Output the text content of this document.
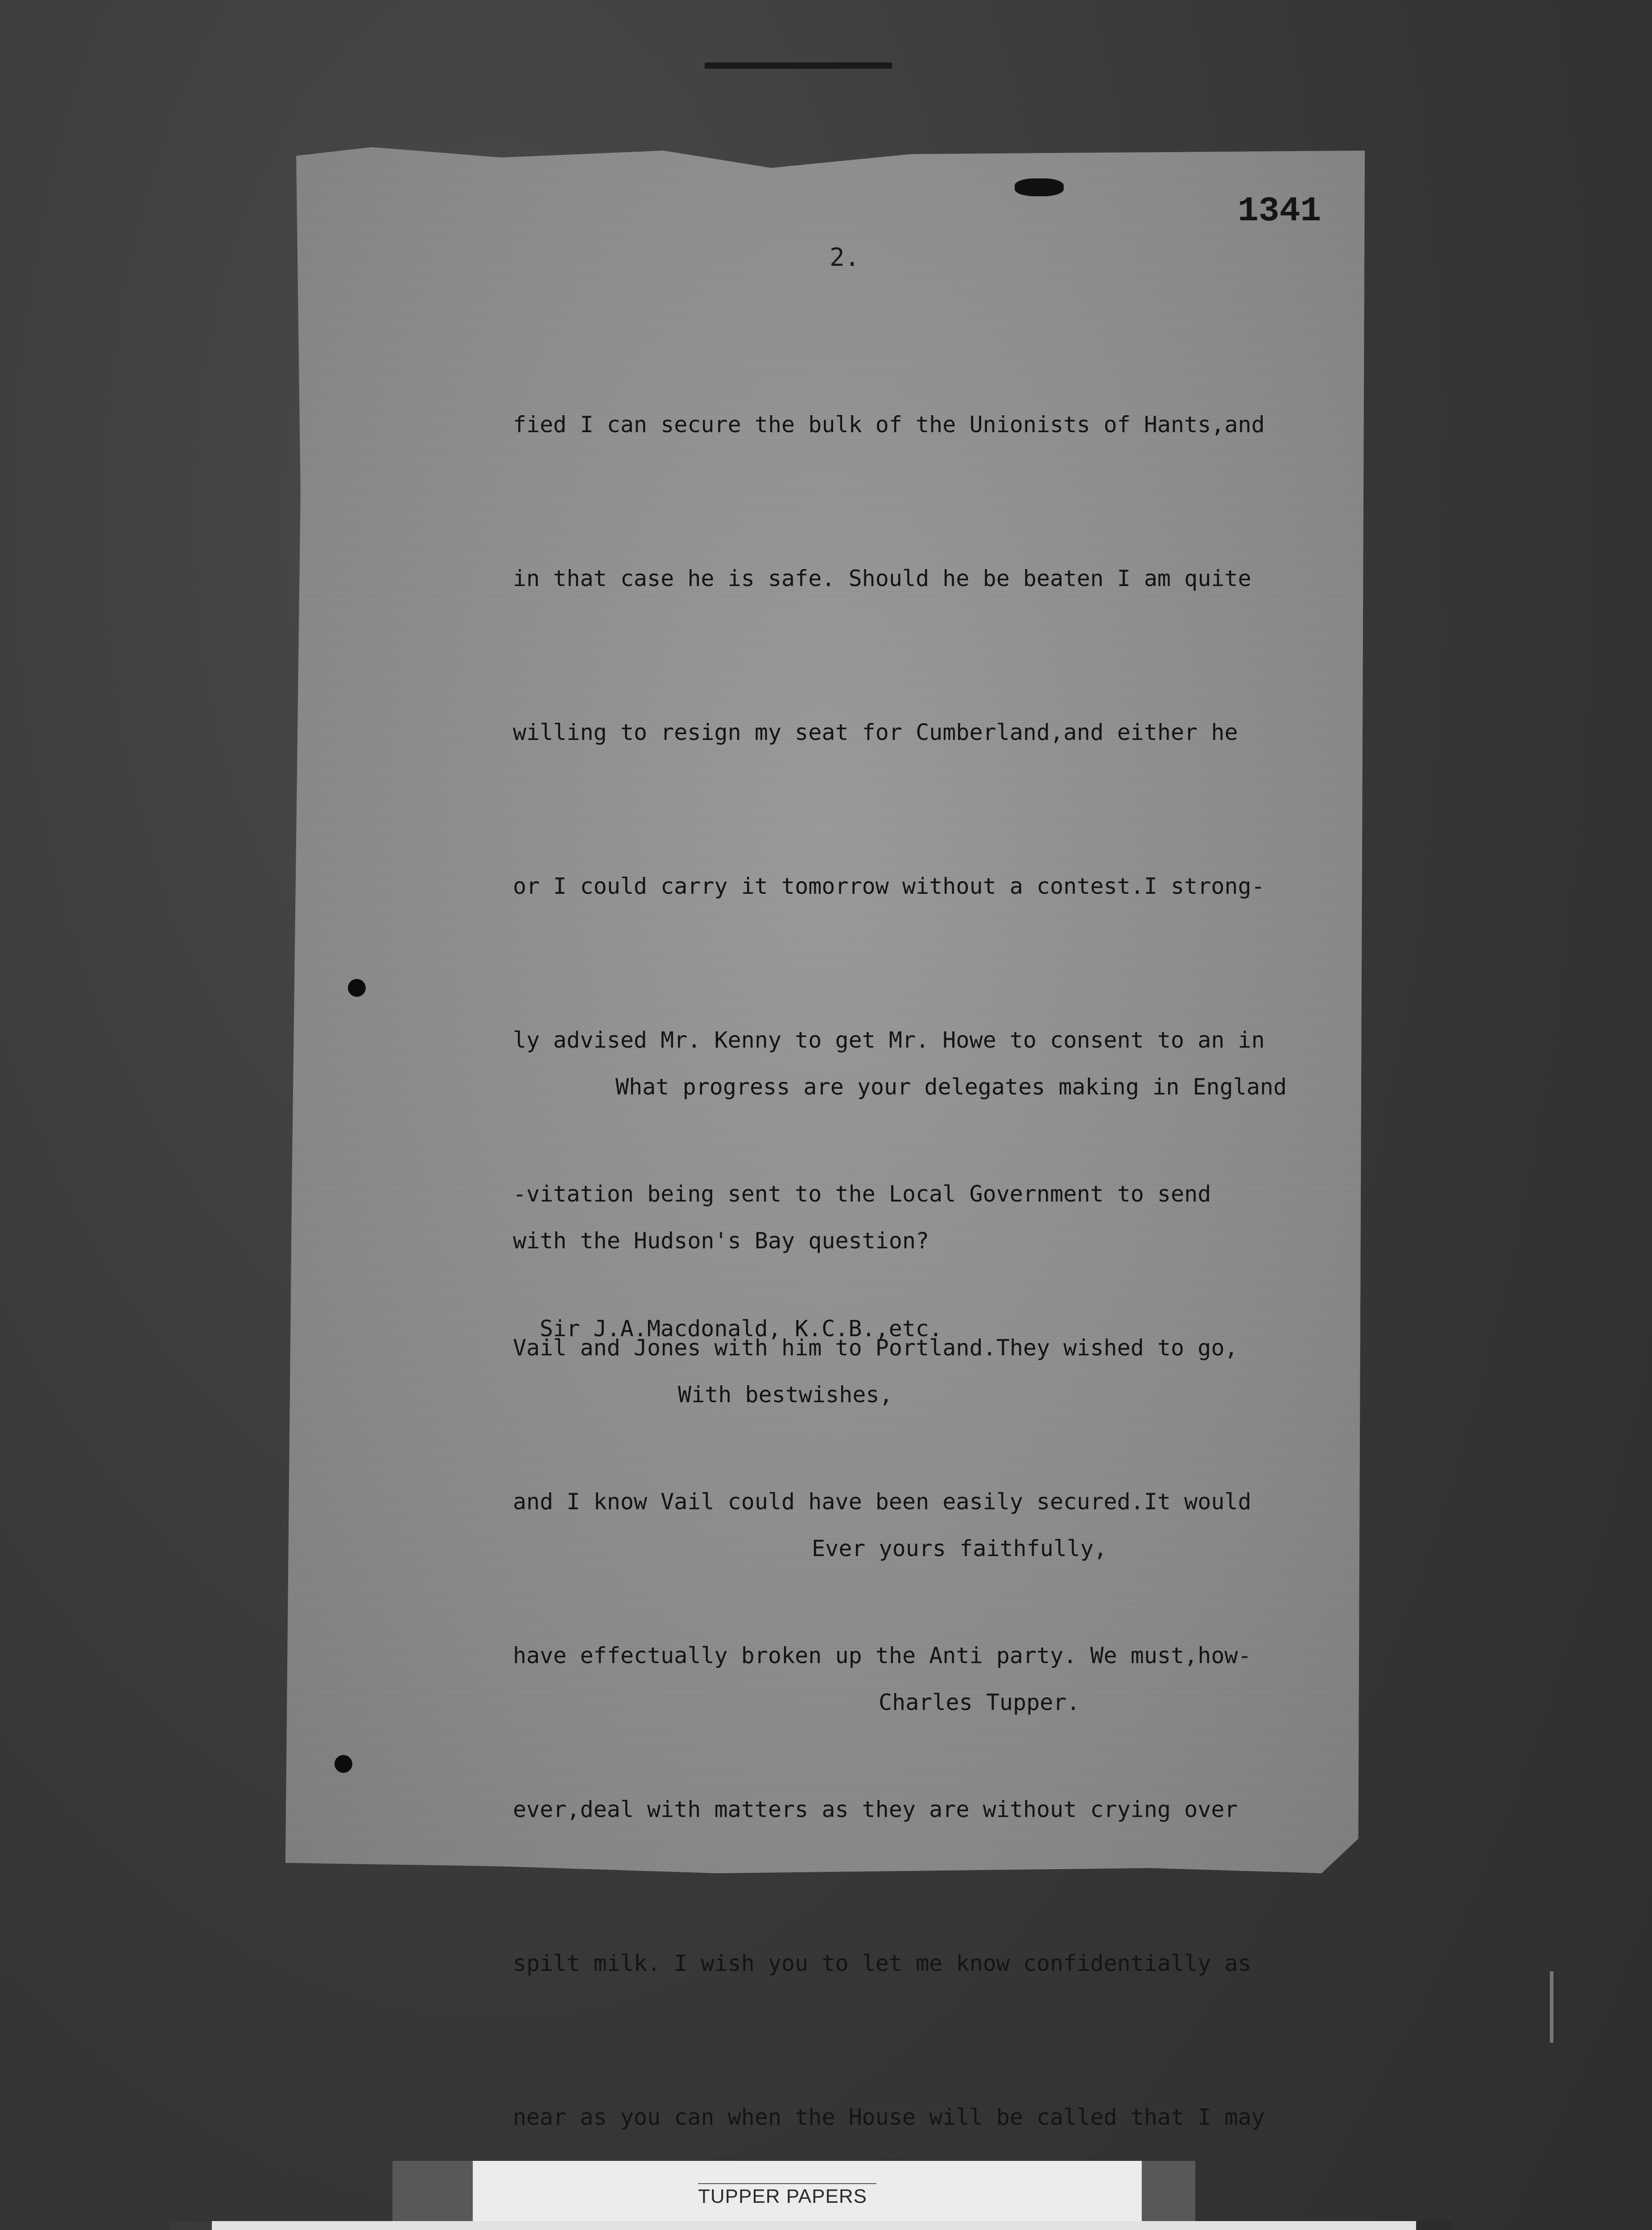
1341
2.

fied I can secure the bulk of the Unionists of Hants,and

in that case he is safe. Should he be beaten I am quite

willing to resign my seat for Cumberland,and either he

or I could carry it tomorrow without a contest.I strong-

ly advised Mr. Kenny to get Mr. Howe to consent to an in

-vitation being sent to the Local Government to send

Vail and Jones with him to Portland.They wished to go,

and I know Vail could have been easily secured.It would

have effectually broken up the Anti party. We must,how-

ever,deal with matters as they are without crying over

spilt milk. I wish you to let me know confidentially as

near as you can when the House will be called that I may

What progress are your delegates making in England

with the Hudson's Bay question?

With bestwishes,

Ever yours faithfully,

Charles Tupper.

Sir J.A.Macdonald, K.C.B.,etc.
TUPPER PAPERS
